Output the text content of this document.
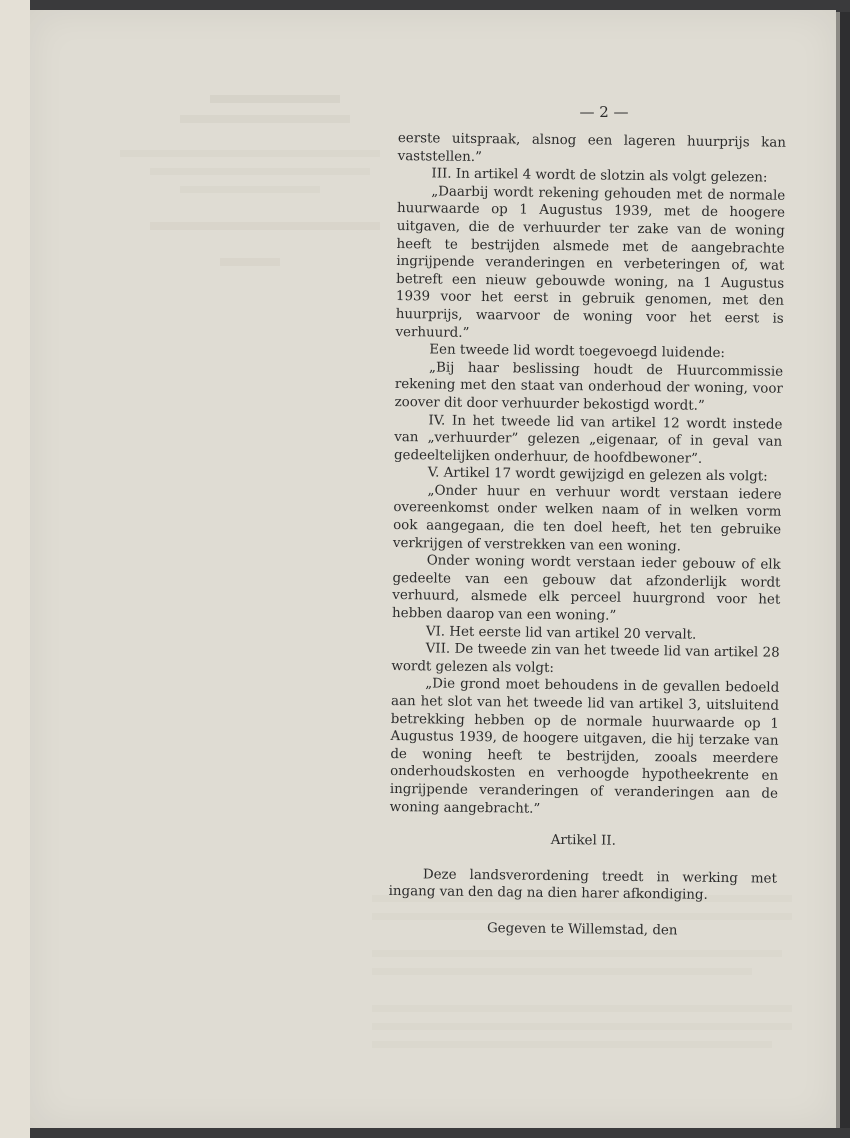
— 2 —

eerste uitspraak, alsnog een lageren huurprijs kan vaststellen.”

III. In artikel 4 wordt de slotzin als volgt gelezen:

„Daarbij wordt rekening gehouden met de normale huurwaarde op 1 Augustus 1939, met de hoogere uitgaven, die de verhuurder ter zake van de woning heeft te bestrijden alsmede met de aangebrachte ingrijpende veranderingen en verbeteringen of, wat betreft een nieuw gebouwde woning, na 1 Augustus 1939 voor het eerst in gebruik genomen, met den huurprijs, waarvoor de woning voor het eerst is verhuurd.”

Een tweede lid wordt toegevoegd luidende:

„Bij haar beslissing houdt de Huurcommissie rekening met den staat van onderhoud der woning, voor zoover dit door verhuurder bekostigd wordt.”

IV. In het tweede lid van artikel 12 wordt instede van „verhuurder” gelezen „eigenaar, of in geval van gedeeltelijken onderhuur, de hoofdbewoner”.

V. Artikel 17 wordt gewijzigd en gelezen als volgt:

„Onder huur en verhuur wordt verstaan iedere overeenkomst onder welken naam of in welken vorm ook aangegaan, die ten doel heeft, het ten gebruike verkrijgen of verstrekken van een woning.

Onder woning wordt verstaan ieder gebouw of elk gedeelte van een gebouw dat afzonderlijk wordt verhuurd, alsmede elk perceel huurgrond voor het hebben daarop van een woning.”

VI. Het eerste lid van artikel 20 vervalt.

VII. De tweede zin van het tweede lid van artikel 28 wordt gelezen als volgt:

„Die grond moet behoudens in de gevallen bedoeld aan het slot van het tweede lid van artikel 3, uitsluitend betrekking hebben op de normale huurwaarde op 1 Augustus 1939, de hoogere uitgaven, die hij terzake van de woning heeft te bestrijden, zooals meerdere onderhoudskosten en verhoogde hypotheekrente en ingrijpende veranderingen of veranderingen aan de woning aangebracht.”

Artikel II.

Deze landsverordening treedt in werking met ingang van den dag na dien harer afkondiging.

Gegeven te Willemstad, den
